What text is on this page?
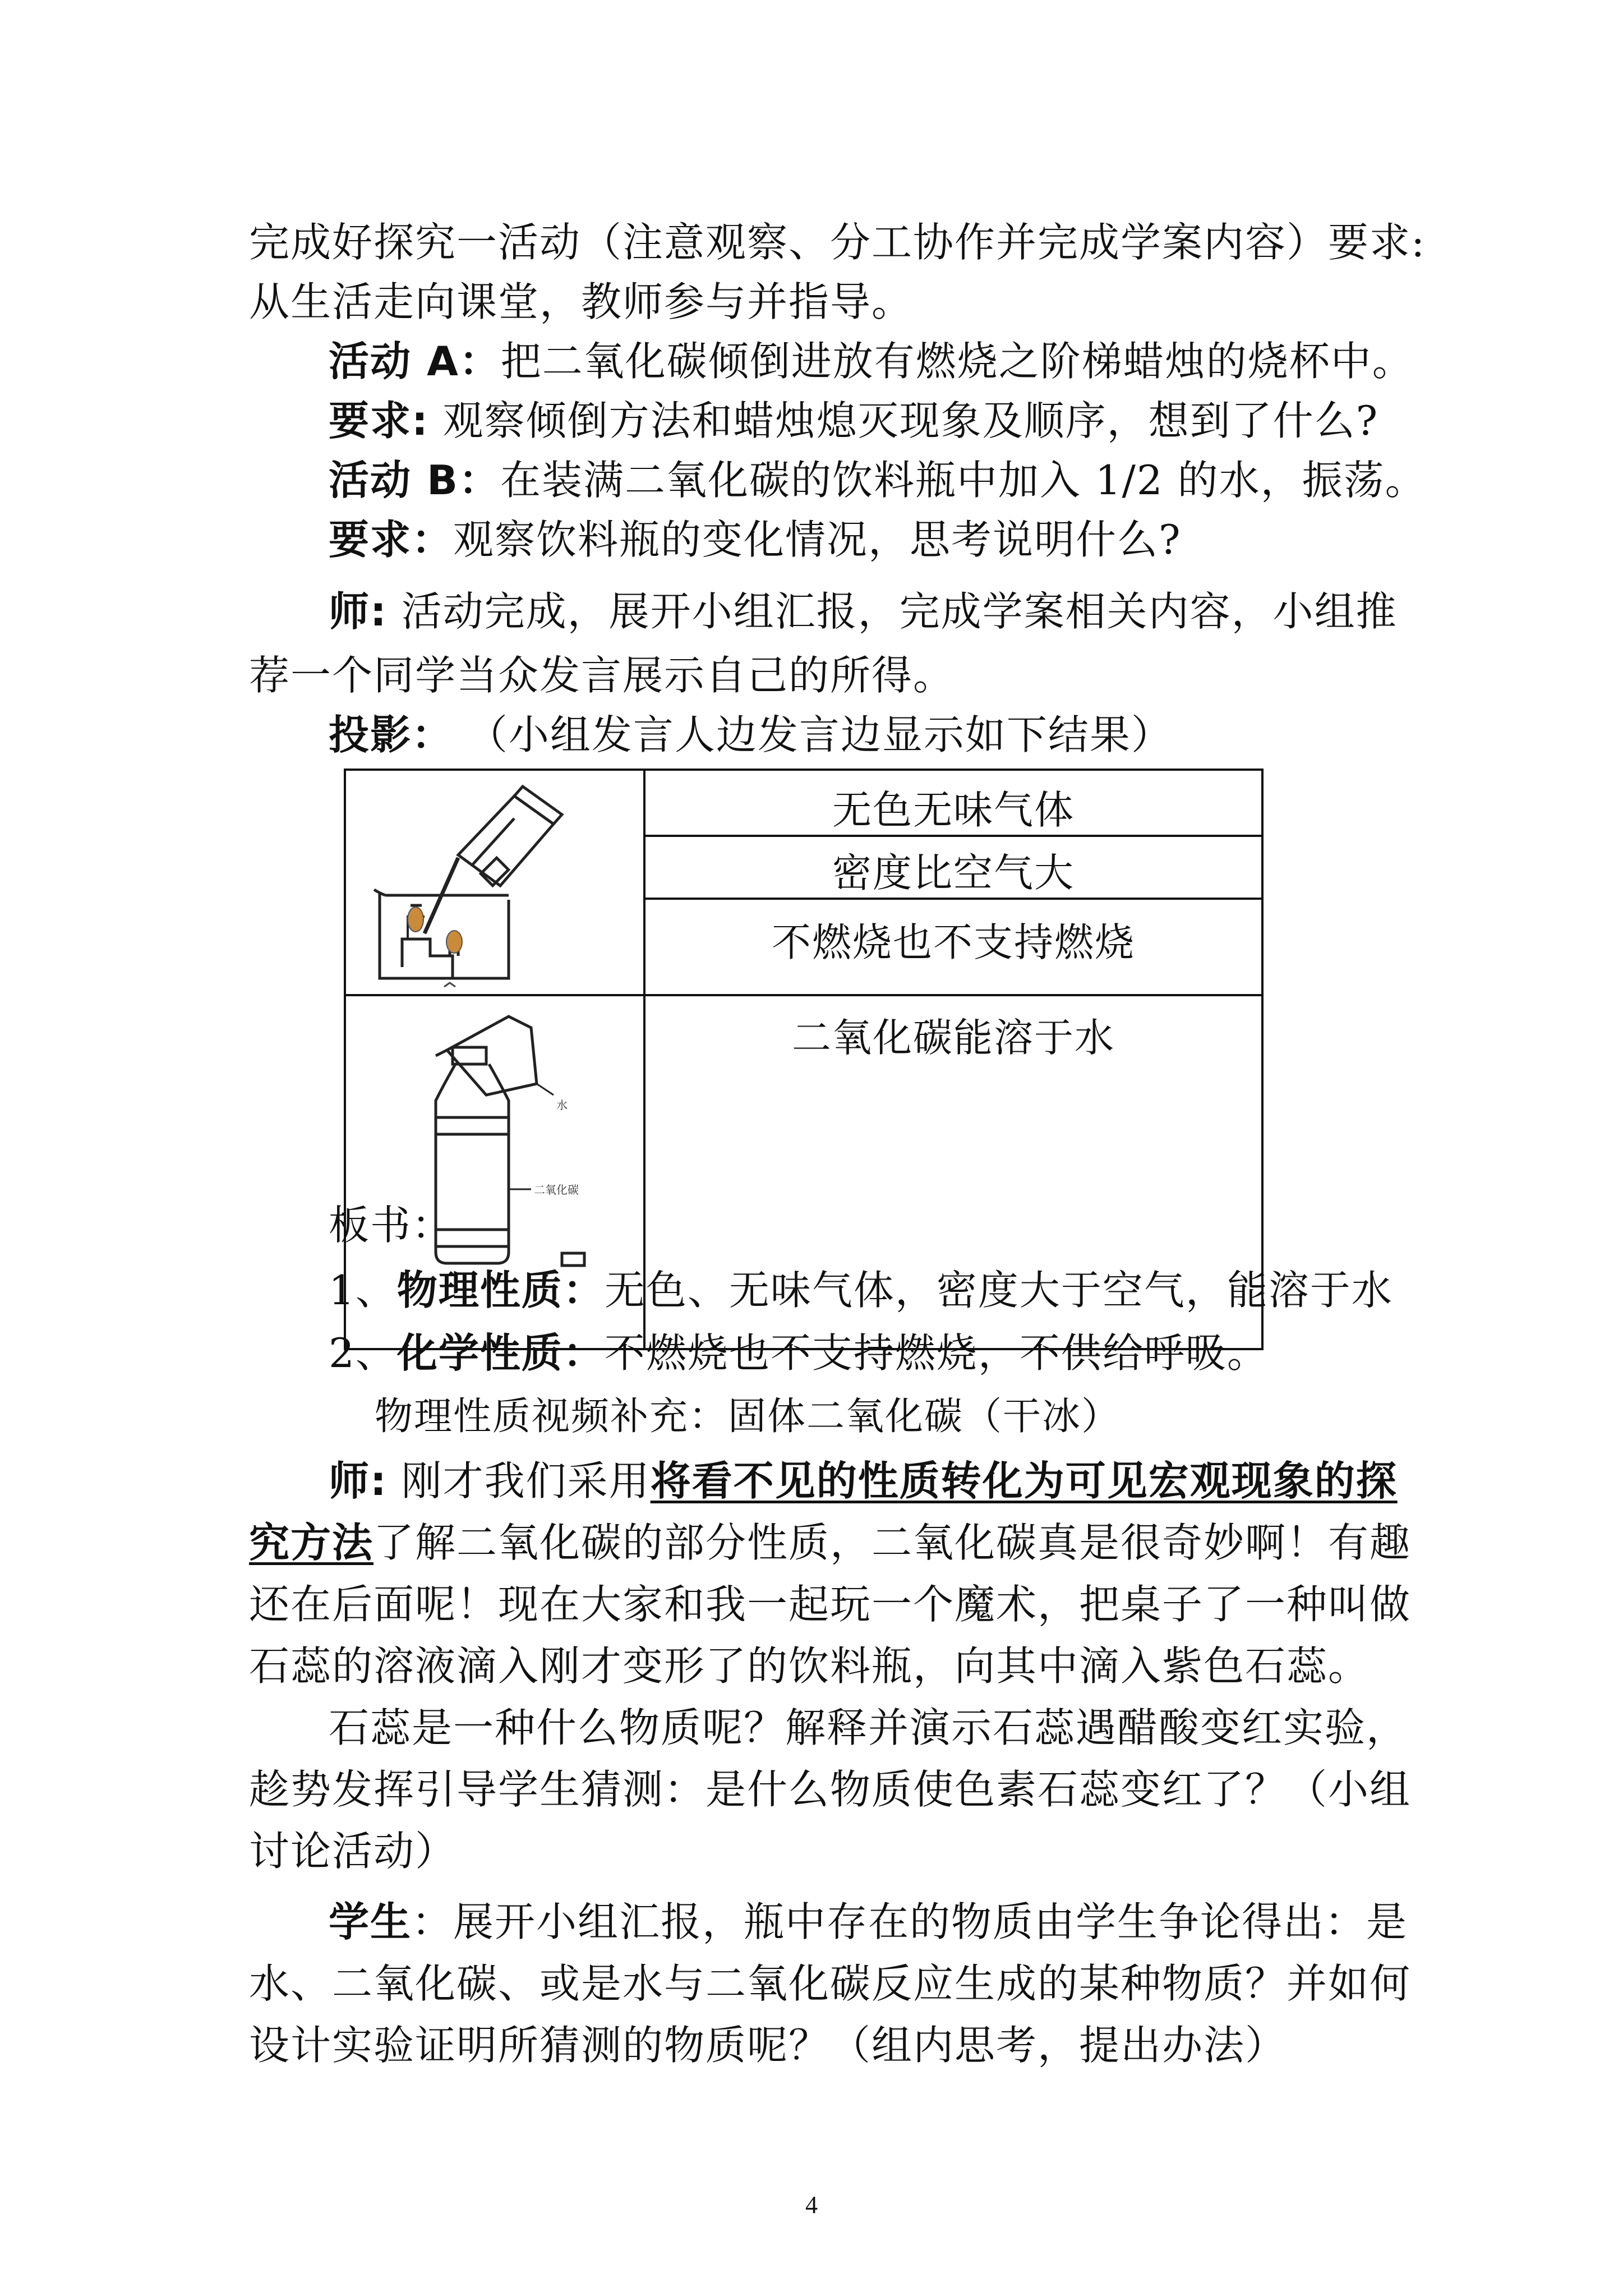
完成好探究一活动（注意观察、分工协作并完成学案内容）要求:
从生活走向课堂，教师参与并指导。
活动 A：把二氧化碳倾倒进放有燃烧之阶梯蜡烛的烧杯中。
要求: 观察倾倒方法和蜡烛熄灭现象及顺序，想到了什么?
活动 B：在装满二氧化碳的饮料瓶中加入 1/2 的水，振荡。
要求：观察饮料瓶的变化情况，思考说明什么?
师: 活动完成，展开小组汇报，完成学案相关内容，小组推
荐一个同学当众发言展示自己的所得。
投影： （小组发言人边发言边显示如下结果）
无色无味气体
密度比空气大
不燃烧也不支持燃烧
水
二氧化碳
二氧化碳能溶于水
板书：
1、物理性质：无色、无味气体，密度大于空气，能溶于水
2、化学性质：不燃烧也不支持燃烧，不供给呼吸。
物理性质视频补充：固体二氧化碳（干冰）
师: 刚才我们采用将看不见的性质转化为可见宏观现象的探
究方法了解二氧化碳的部分性质，二氧化碳真是很奇妙啊！有趣
还在后面呢！现在大家和我一起玩一个魔术，把桌子了一种叫做
石蕊的溶液滴入刚才变形了的饮料瓶，向其中滴入紫色石蕊。
石蕊是一种什么物质呢？解释并演示石蕊遇醋酸变红实验，
趁势发挥引导学生猜测：是什么物质使色素石蕊变红了？（小组
讨论活动）
学生：展开小组汇报，瓶中存在的物质由学生争论得出：是
水、二氧化碳、或是水与二氧化碳反应生成的某种物质？并如何
设计实验证明所猜测的物质呢？（组内思考，提出办法）
4
